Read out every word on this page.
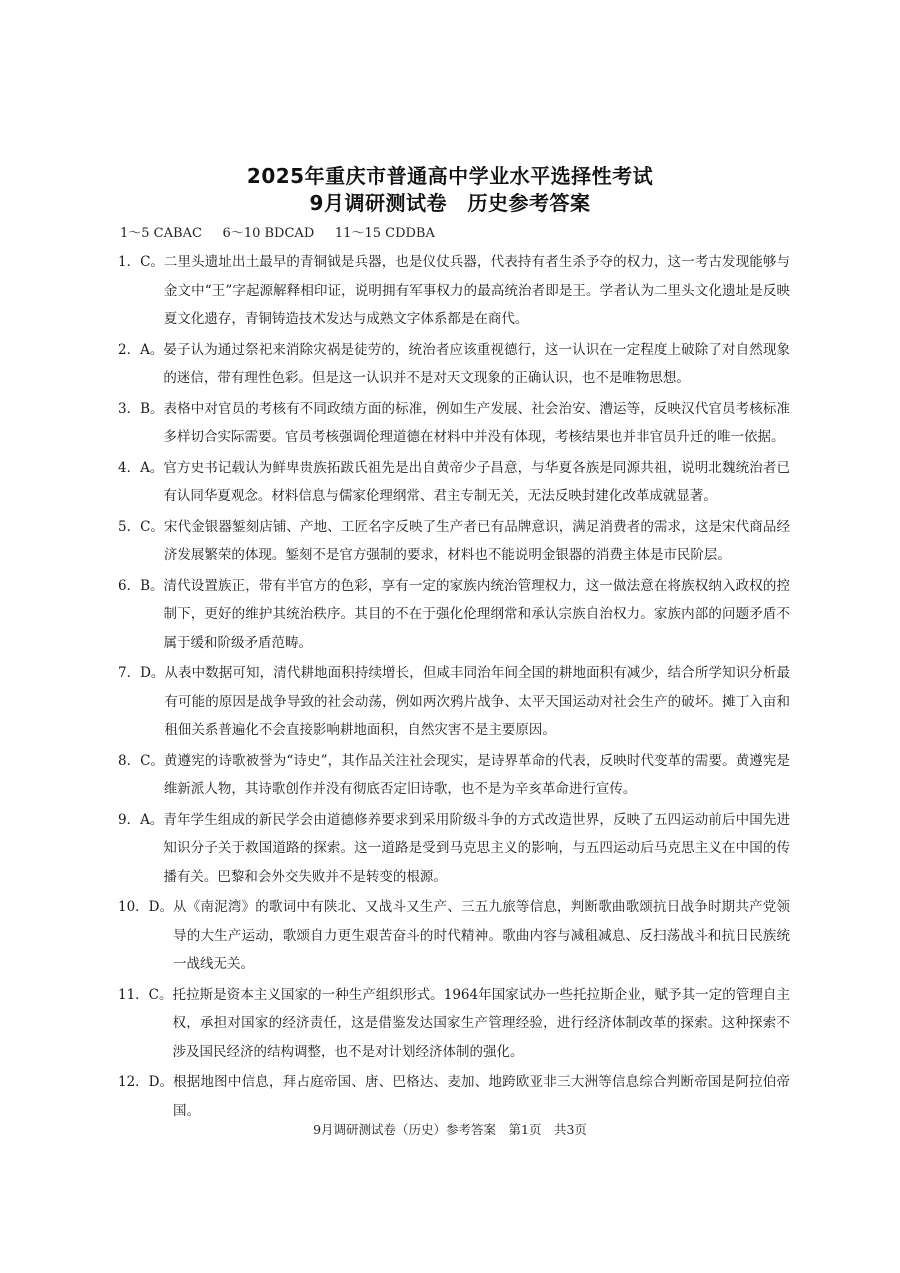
2025年重庆市普通高中学业水平选择性考试
9月调研测试卷　历史参考答案
1～5 CABAC     6～10 BDCAD     11～15 CDDBA
1．C。 二里头遗址出土最早的青铜钺是兵器，也是仪仗兵器，代表持有者生杀予夺的权力，这一考古发现能够与金文中“王”字起源解释相印证，说明拥有军事权力的最高统治者即是王。学者认为二里头文化遗址是反映夏文化遗存，青铜铸造技术发达与成熟文字体系都是在商代。
2．A。 晏子认为通过祭祀来消除灾祸是徒劳的，统治者应该重视德行，这一认识在一定程度上破除了对自然现象的迷信，带有理性色彩。但是这一认识并不是对天文现象的正确认识，也不是唯物思想。
3．B。 表格中对官员的考核有不同政绩方面的标准，例如生产发展、社会治安、漕运等，反映汉代官员考核标准多样切合实际需要。官员考核强调伦理道德在材料中并没有体现，考核结果也并非官员升迁的唯一依据。
4．A。 官方史书记载认为鲜卑贵族拓跋氏祖先是出自黄帝少子昌意，与华夏各族是同源共祖，说明北魏统治者已有认同华夏观念。材料信息与儒家伦理纲常、君主专制无关，无法反映封建化改革成就显著。
5．C。 宋代金银器錾刻店铺、产地、工匠名字反映了生产者已有品牌意识，满足消费者的需求，这是宋代商品经济发展繁荣的体现。錾刻不是官方强制的要求，材料也不能说明金银器的消费主体是市民阶层。
6．B。 清代设置族正，带有半官方的色彩，享有一定的家族内统治管理权力，这一做法意在将族权纳入政权的控制下，更好的维护其统治秩序。其目的不在于强化伦理纲常和承认宗族自治权力。家族内部的问题矛盾不属于缓和阶级矛盾范畴。
7．D。 从表中数据可知，清代耕地面积持续增长，但咸丰同治年间全国的耕地面积有减少，结合所学知识分析最有可能的原因是战争导致的社会动荡，例如两次鸦片战争、太平天国运动对社会生产的破坏。摊丁入亩和租佃关系普遍化不会直接影响耕地面积，自然灾害不是主要原因。
8．C。 黄遵宪的诗歌被誉为“诗史”，其作品关注社会现实，是诗界革命的代表，反映时代变革的需要。黄遵宪是维新派人物，其诗歌创作并没有彻底否定旧诗歌，也不是为辛亥革命进行宣传。
9．A。 青年学生组成的新民学会由道德修养要求到采用阶级斗争的方式改造世界，反映了五四运动前后中国先进知识分子关于救国道路的探索。这一道路是受到马克思主义的影响，与五四运动后马克思主义在中国的传播有关。巴黎和会外交失败并不是转变的根源。
10．D。 从《南泥湾》的歌词中有陕北、又战斗又生产、三五九旅等信息，判断歌曲歌颂抗日战争时期共产党领导的大生产运动，歌颂自力更生艰苦奋斗的时代精神。歌曲内容与减租减息、反扫荡战斗和抗日民族统一战线无关。
11．C。 托拉斯是资本主义国家的一种生产组织形式。1964年国家试办一些托拉斯企业，赋予其一定的管理自主权，承担对国家的经济责任，这是借鉴发达国家生产管理经验，进行经济体制改革的探索。这种探索不涉及国民经济的结构调整，也不是对计划经济体制的强化。
12．D。 根据地图中信息，拜占庭帝国、唐、巴格达、麦加、地跨欧亚非三大洲等信息综合判断帝国是阿拉伯帝国。
9月调研测试卷（历史）参考答案　第1页　共3页
